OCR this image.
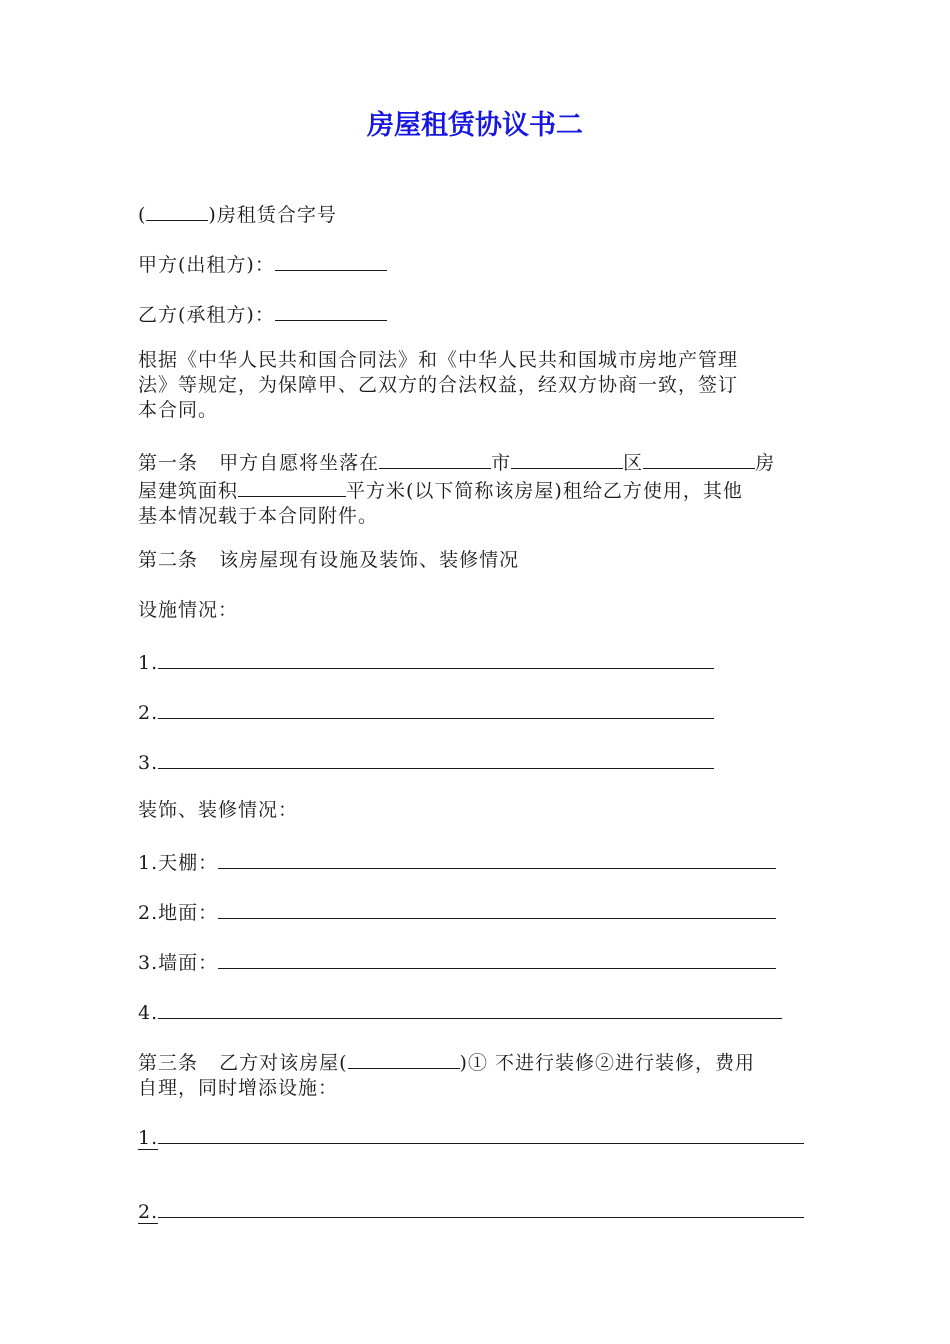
房屋租赁协议书二
(	)房租赁合字号
甲方(出租方)：
乙方(承租方)：
根据《中华人民共和国合同法》和《中华人民共和国城市房地产管理
法》等规定，为保障甲、乙双方的合法权益，经双方协商一致，签订
本合同。
第一条   甲方自愿将坐落在	市	区	房
屋建筑面积	平方米(以下简称该房屋)租给乙方使用，其他
基本情况载于本合同附件。
第二条   该房屋现有设施及装饰、装修情况
设施情况：
1.
2.
3.
装饰、装修情况：
1.天棚：
2.地面：
3.墙面：
4.
第三条   乙方对该房屋(	)① 不进行装修②进行装修，费用
自理，同时增添设施：
1.
2.
